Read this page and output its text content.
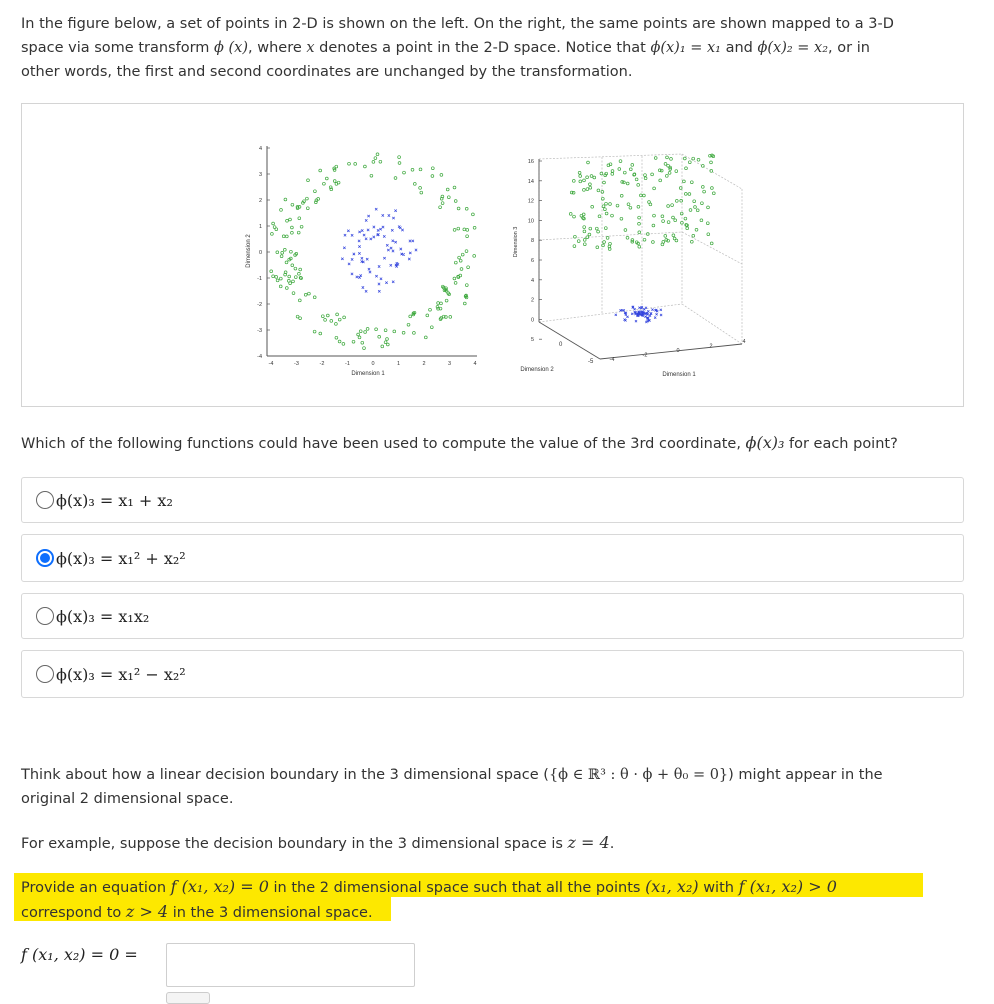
In the figure below, a set of points in 2-D is shown on the left. On the right, the same points are shown mapped to a 3-D
space via some transform ϕ (x), where x denotes a point in the 2-D space. Notice that ϕ(x)₁ = x₁ and ϕ(x)₂ = x₂, or in
other words, the first and second coordinates are unchanged by the transformation.
4
3
2
1
0
-1
-2
-3
-4
-4	-3	-2	-1	0	1	2	3	4
Dimension 1
Dimension 2
16
14
12
10
8
6
4
2
0
5
Dimension 3
Dimension 2
Dimension 1
0
-5	-4
-2
0
2
4
Which of the following functions could have been used to compute the value of the 3rd coordinate, ϕ(x)₃ for each point?
ϕ(x)₃ = x₁ + x₂
ϕ(x)₃ = x₁² + x₂²
ϕ(x)₃ = x₁x₂
ϕ(x)₃ = x₁² − x₂²
Think about how a linear decision boundary in the 3 dimensional space ({ϕ ∈ ℝ³ : θ · ϕ + θ₀ = 0}) might appear in the
original 2 dimensional space.
For example, suppose the decision boundary in the 3 dimensional space is z = 4.
Provide an equation f (x₁, x₂) = 0 in the 2 dimensional space such that all the points (x₁, x₂) with f (x₁, x₂) > 0
correspond to z > 4 in the 3 dimensional space.
f (x₁, x₂) = 0 =
